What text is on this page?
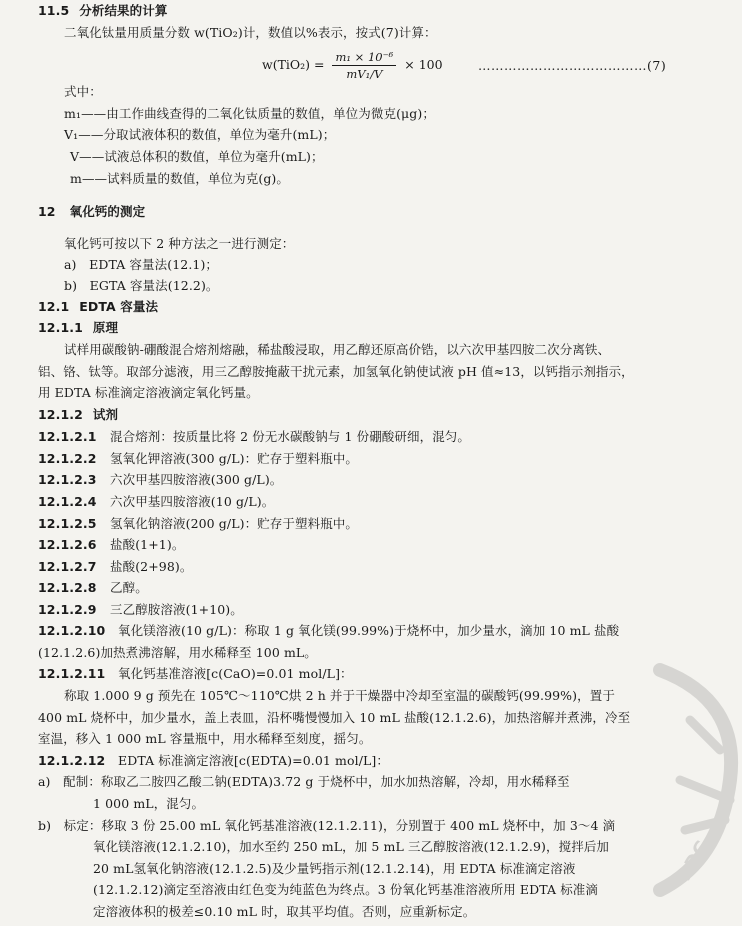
11.5 分析结果的计算
二氧化钛量用质量分数 w(TiO₂)计，数值以%表示，按式(7)计算：
$w(TiO_2) = \frac{\text{m₁ × 10⁻⁶}}{\text{mV₁/V}} \times 100$	…………………………………(7)
式中：
m₁——由工作曲线查得的二氧化钛质量的数值，单位为微克(μg)；
V₁——分取试液体积的数值，单位为毫升(mL)；
V——试液总体积的数值，单位为毫升(mL)；
m——试料质量的数值，单位为克(g)。
12 氧化钙的测定
氧化钙可按以下 2 种方法之一进行测定：
a)　EDTA 容量法(12.1)；
b)　EGTA 容量法(12.2)。
12.1 EDTA 容量法
12.1.1 原理
试样用碳酸钠-硼酸混合熔剂熔融，稀盐酸浸取，用乙醇还原高价锆，以六次甲基四胺二次分离铁、
铝、铬、钛等。取部分滤液，用三乙醇胺掩蔽干扰元素，加氢氧化钠使试液 pH 值≈13，以钙指示剂指示，
用 EDTA 标准滴定溶液滴定氧化钙量。
12.1.2 试剂
12.1.2.1 混合熔剂：按质量比将 2 份无水碳酸钠与 1 份硼酸研细，混匀。
12.1.2.2 氢氧化钾溶液(300 g/L)：贮存于塑料瓶中。
12.1.2.3 六次甲基四胺溶液(300 g/L)。
12.1.2.4 六次甲基四胺溶液(10 g/L)。
12.1.2.5 氢氧化钠溶液(200 g/L)：贮存于塑料瓶中。
12.1.2.6 盐酸(1+1)。
12.1.2.7 盐酸(2+98)。
12.1.2.8 乙醇。
12.1.2.9 三乙醇胺溶液(1+10)。
12.1.2.10 氧化镁溶液(10 g/L)：称取 1 g 氧化镁(99.99%)于烧杯中，加少量水，滴加 10 mL 盐酸
(12.1.2.6)加热煮沸溶解，用水稀释至 100 mL。
12.1.2.11 氧化钙基准溶液[c(CaO)=0.01 mol/L]：
称取 1.000 9 g 预先在 105℃～110℃烘 2 h 并于干燥器中冷却至室温的碳酸钙(99.99%)，置于
400 mL 烧杯中，加少量水，盖上表皿，沿杯嘴慢慢加入 10 mL 盐酸(12.1.2.6)，加热溶解并煮沸，冷至
室温，移入 1 000 mL 容量瓶中，用水稀释至刻度，摇匀。
12.1.2.12 EDTA 标准滴定溶液[c(EDTA)=0.01 mol/L]：
a)　配制：称取乙二胺四乙酸二钠(EDTA)3.72 g 于烧杯中，加水加热溶解，冷却，用水稀释至
1 000 mL，混匀。
b)　标定：移取 3 份 25.00 mL 氧化钙基准溶液(12.1.2.11)，分别置于 400 mL 烧杯中，加 3～4 滴
氧化镁溶液(12.1.2.10)，加水至约 250 mL，加 5 mL 三乙醇胺溶液(12.1.2.9)，搅拌后加
20 mL氢氧化钠溶液(12.1.2.5)及少量钙指示剂(12.1.2.14)，用 EDTA 标准滴定溶液
(12.1.2.12)滴定至溶液由红色变为纯蓝色为终点。3 份氧化钙基准溶液所用 EDTA 标准滴
定溶液体积的极差≤0.10 mL 时，取其平均值。否则，应重新标定。
PDG
